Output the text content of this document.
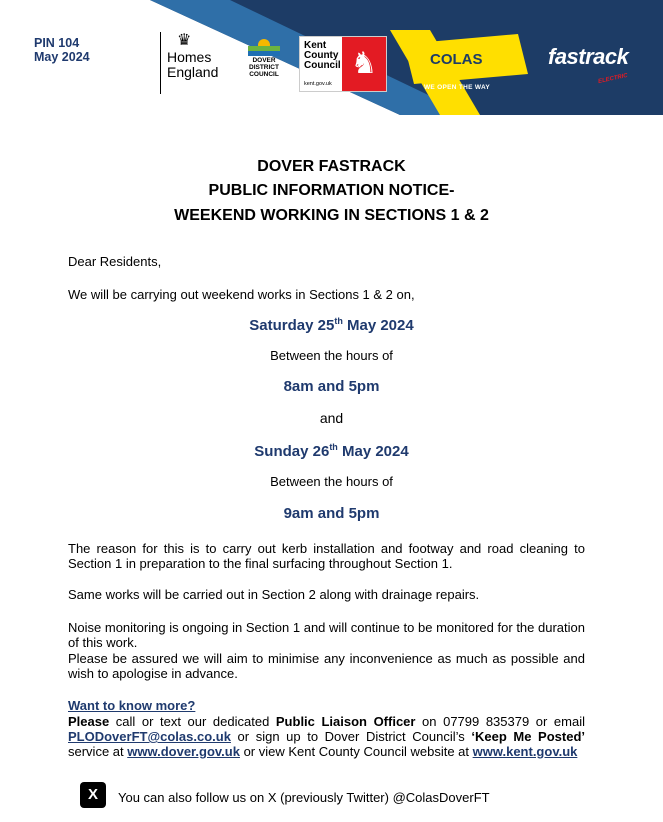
COLAS
PIN 104
May 2024
♛
Homes
England
DOVER
DISTRICT
COUNCIL
Kent
County
Council
kent.gov.uk
♞
WE OPEN THE WAY
fastrack
ELECTRIC
DOVER FASTRACK
PUBLIC INFORMATION NOTICE-
WEEKEND WORKING IN SECTIONS 1 & 2
Dear Residents,
We will be carrying out weekend works in Sections 1 & 2 on,
Saturday 25th May 2024
Between the hours of
8am and 5pm
and
Sunday 26th May 2024
Between the hours of
9am and 5pm
The reason for this is to carry out kerb installation and footway and road cleaning to Section 1 in preparation to the final surfacing throughout Section 1.
Same works will be carried out in Section 2 along with drainage repairs.
Noise monitoring is ongoing in Section 1 and will continue to be monitored for the duration of this work.
Please be assured we will aim to minimise any inconvenience as much as possible and wish to apologise in advance.
Want to know more?
Please call or text our dedicated Public Liaison Officer on 07799 835379 or email PLODoverFT@colas.co.uk or sign up to Dover District Council’s ‘Keep Me Posted’ service at www.dover.gov.uk or view Kent County Council website at www.kent.gov.uk
X	You can also follow us on X (previously Twitter) @ColasDoverFT
